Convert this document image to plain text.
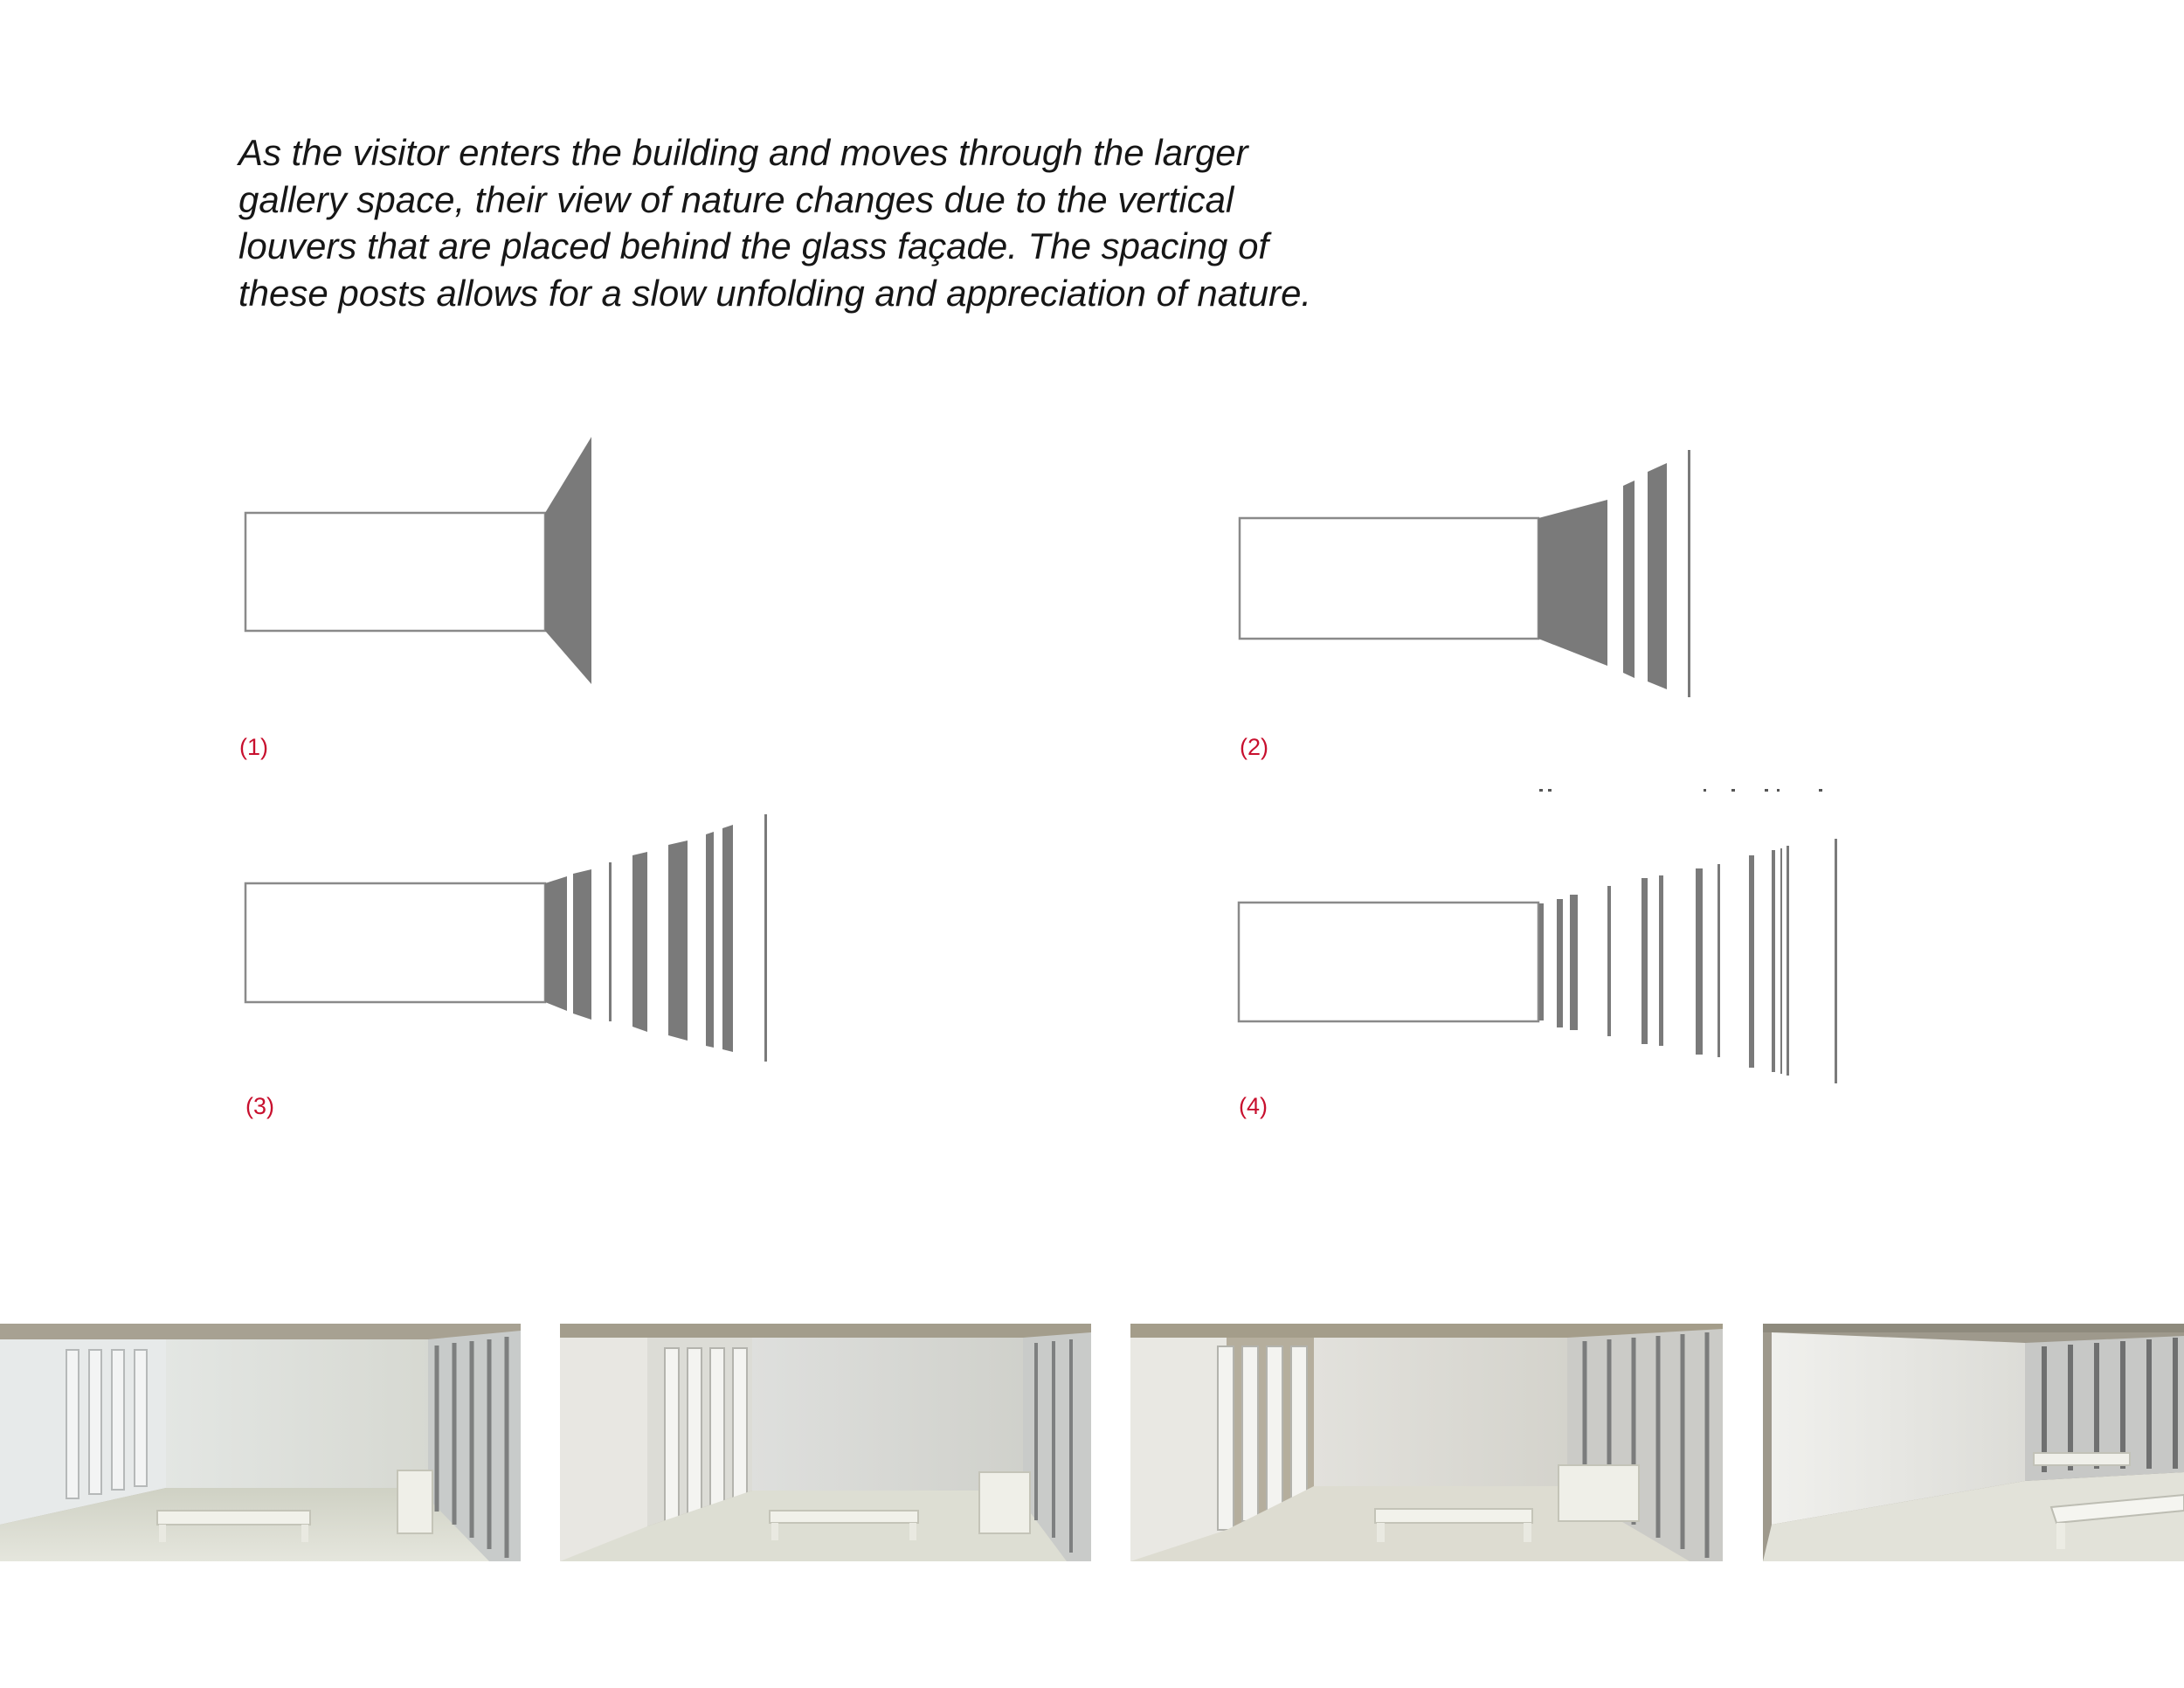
As the visitor enters the building and moves through the larger
gallery space, their view of nature changes due to the vertical
louvers that are placed behind the glass façade. The spacing of
these posts allows for a slow unfolding and appreciation of nature.

(1)	(2)
(3)	(4)
